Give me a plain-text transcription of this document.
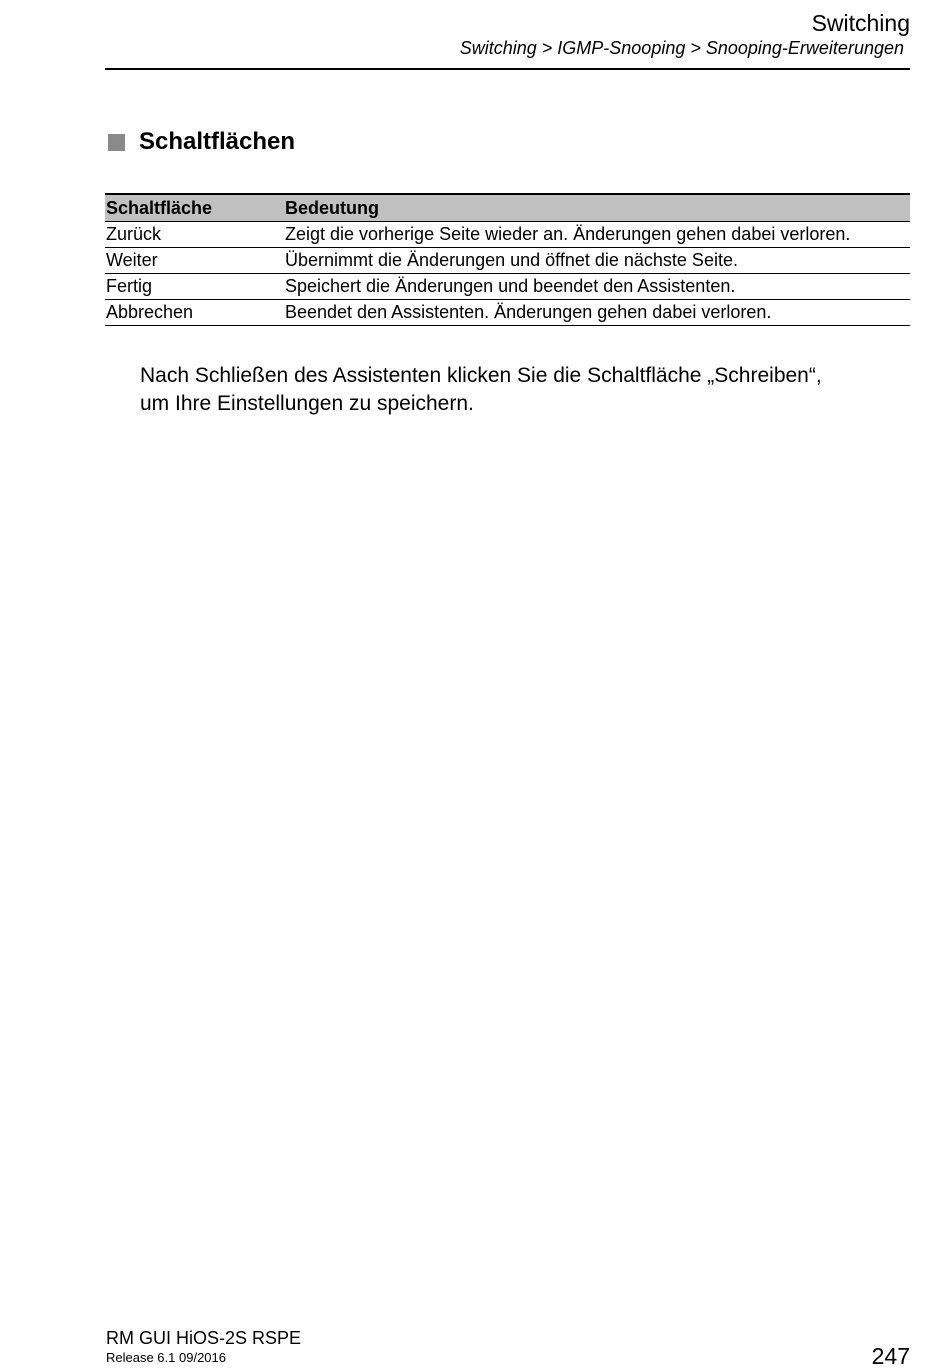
Switching
Switching > IGMP-Snooping > Snooping-Erweiterungen
Schaltflächen
Schaltfläche	Bedeutung
Zurück	Zeigt die vorherige Seite wieder an. Änderungen gehen dabei verloren.
Weiter	Übernimmt die Änderungen und öffnet die nächste Seite.
Fertig	Speichert die Änderungen und beendet den Assistenten.
Abbrechen	Beendet den Assistenten. Änderungen gehen dabei verloren.
Nach Schließen des Assistenten klicken Sie die Schaltfläche „Schreiben“,
um Ihre Einstellungen zu speichern.
RM GUI HiOS-2S RSPE
Release 6.1 09/2016	247
